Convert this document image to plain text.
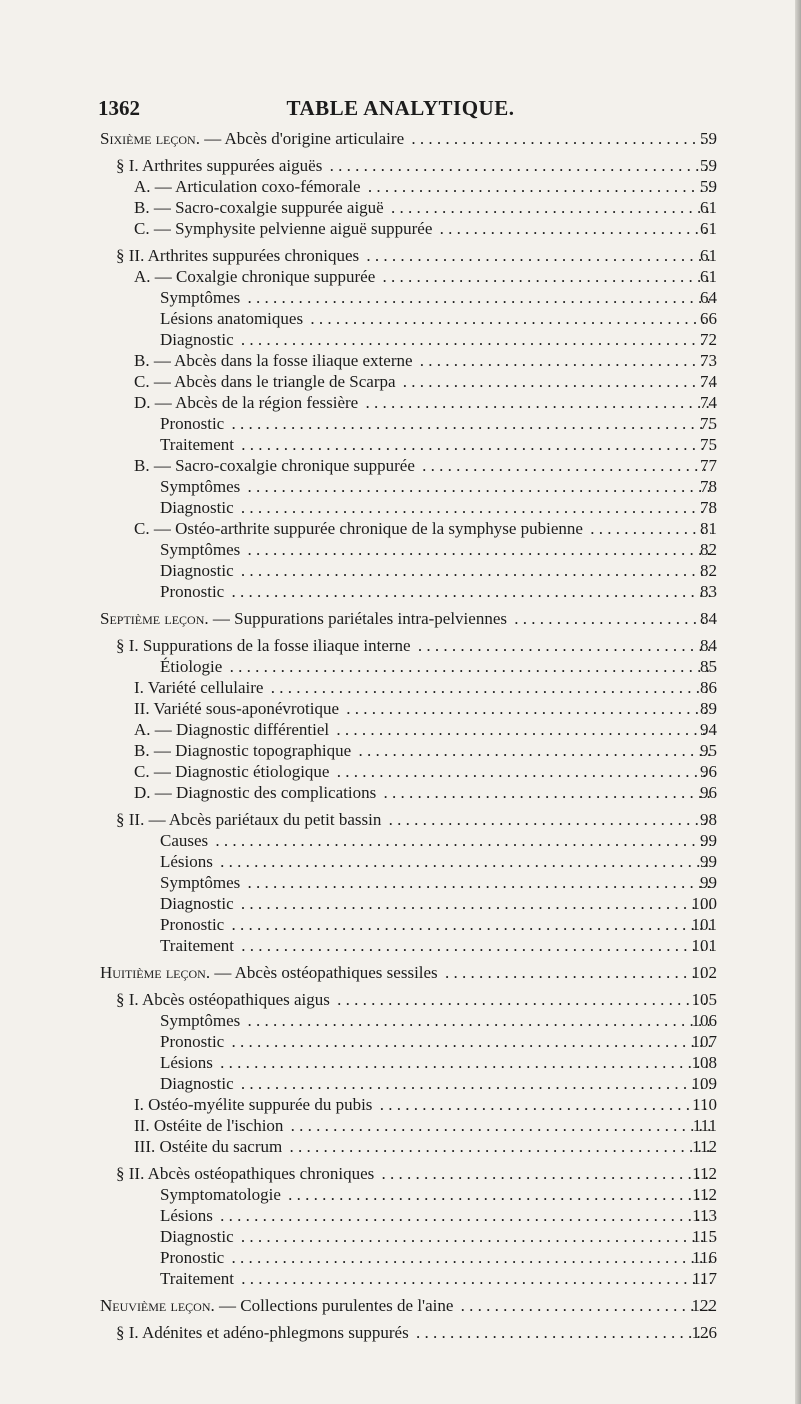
1362	TABLE ANALYTIQUE.
Sixième leçon. — Abcès d'origine articulaire . . .	59
§ I. Arthrites suppurées aiguës . . .	59
A. — Articulation coxo-fémorale . . .	59
B. — Sacro-coxalgie suppurée aiguë . . .	61
C. — Symphysite pelvienne aiguë suppurée . . .	61
§ II. Arthrites suppurées chroniques . . .	61
A. — Coxalgie chronique suppurée . . .	61
Symptômes . . .	64
Lésions anatomiques . . .	66
Diagnostic . . .	72
B. — Abcès dans la fosse iliaque externe . . .	73
C. — Abcès dans le triangle de Scarpa . . .	74
D. — Abcès de la région fessière . . .	74
Pronostic . . .	75
Traitement . . .	75
B. — Sacro-coxalgie chronique suppurée . . .	77
Symptômes . . .	78
Diagnostic . . .	78
C. — Ostéo-arthrite suppurée chronique de la symphyse pubienne . . .	81
Symptômes . . .	82
Diagnostic . . .	82
Pronostic . . .	83
Septième leçon. — Suppurations pariétales intra-pelviennes . . .	84
§ I. Suppurations de la fosse iliaque interne . . .	84
Étiologie . . .	85
I. Variété cellulaire . . .	86
II. Variété sous-aponévrotique . . .	89
A. — Diagnostic différentiel . . .	94
B. — Diagnostic topographique . . .	95
C. — Diagnostic étiologique . . .	96
D. — Diagnostic des complications . . .	96
§ II. — Abcès pariétaux du petit bassin . . .	98
Causes . . .	99
Lésions . . .	99
Symptômes . . .	99
Diagnostic . . .	100
Pronostic . . .	101
Traitement . . .	101
Huitième leçon. — Abcès ostéopathiques sessiles . . .	102
§ I. Abcès ostéopathiques aigus . . .	105
Symptômes . . .	106
Pronostic . . .	107
Lésions . . .	108
Diagnostic . . .	109
I. Ostéo-myélite suppurée du pubis . . .	110
II. Ostéite de l'ischion . . .	111
III. Ostéite du sacrum . . .	112
§ II. Abcès ostéopathiques chroniques . . .	112
Symptomatologie . . .	112
Lésions . . .	113
Diagnostic . . .	115
Pronostic . . .	116
Traitement . . .	117
Neuvième leçon. — Collections purulentes de l'aine . . .	122
§ I. Adénites et adéno-phlegmons suppurés . . .	126
